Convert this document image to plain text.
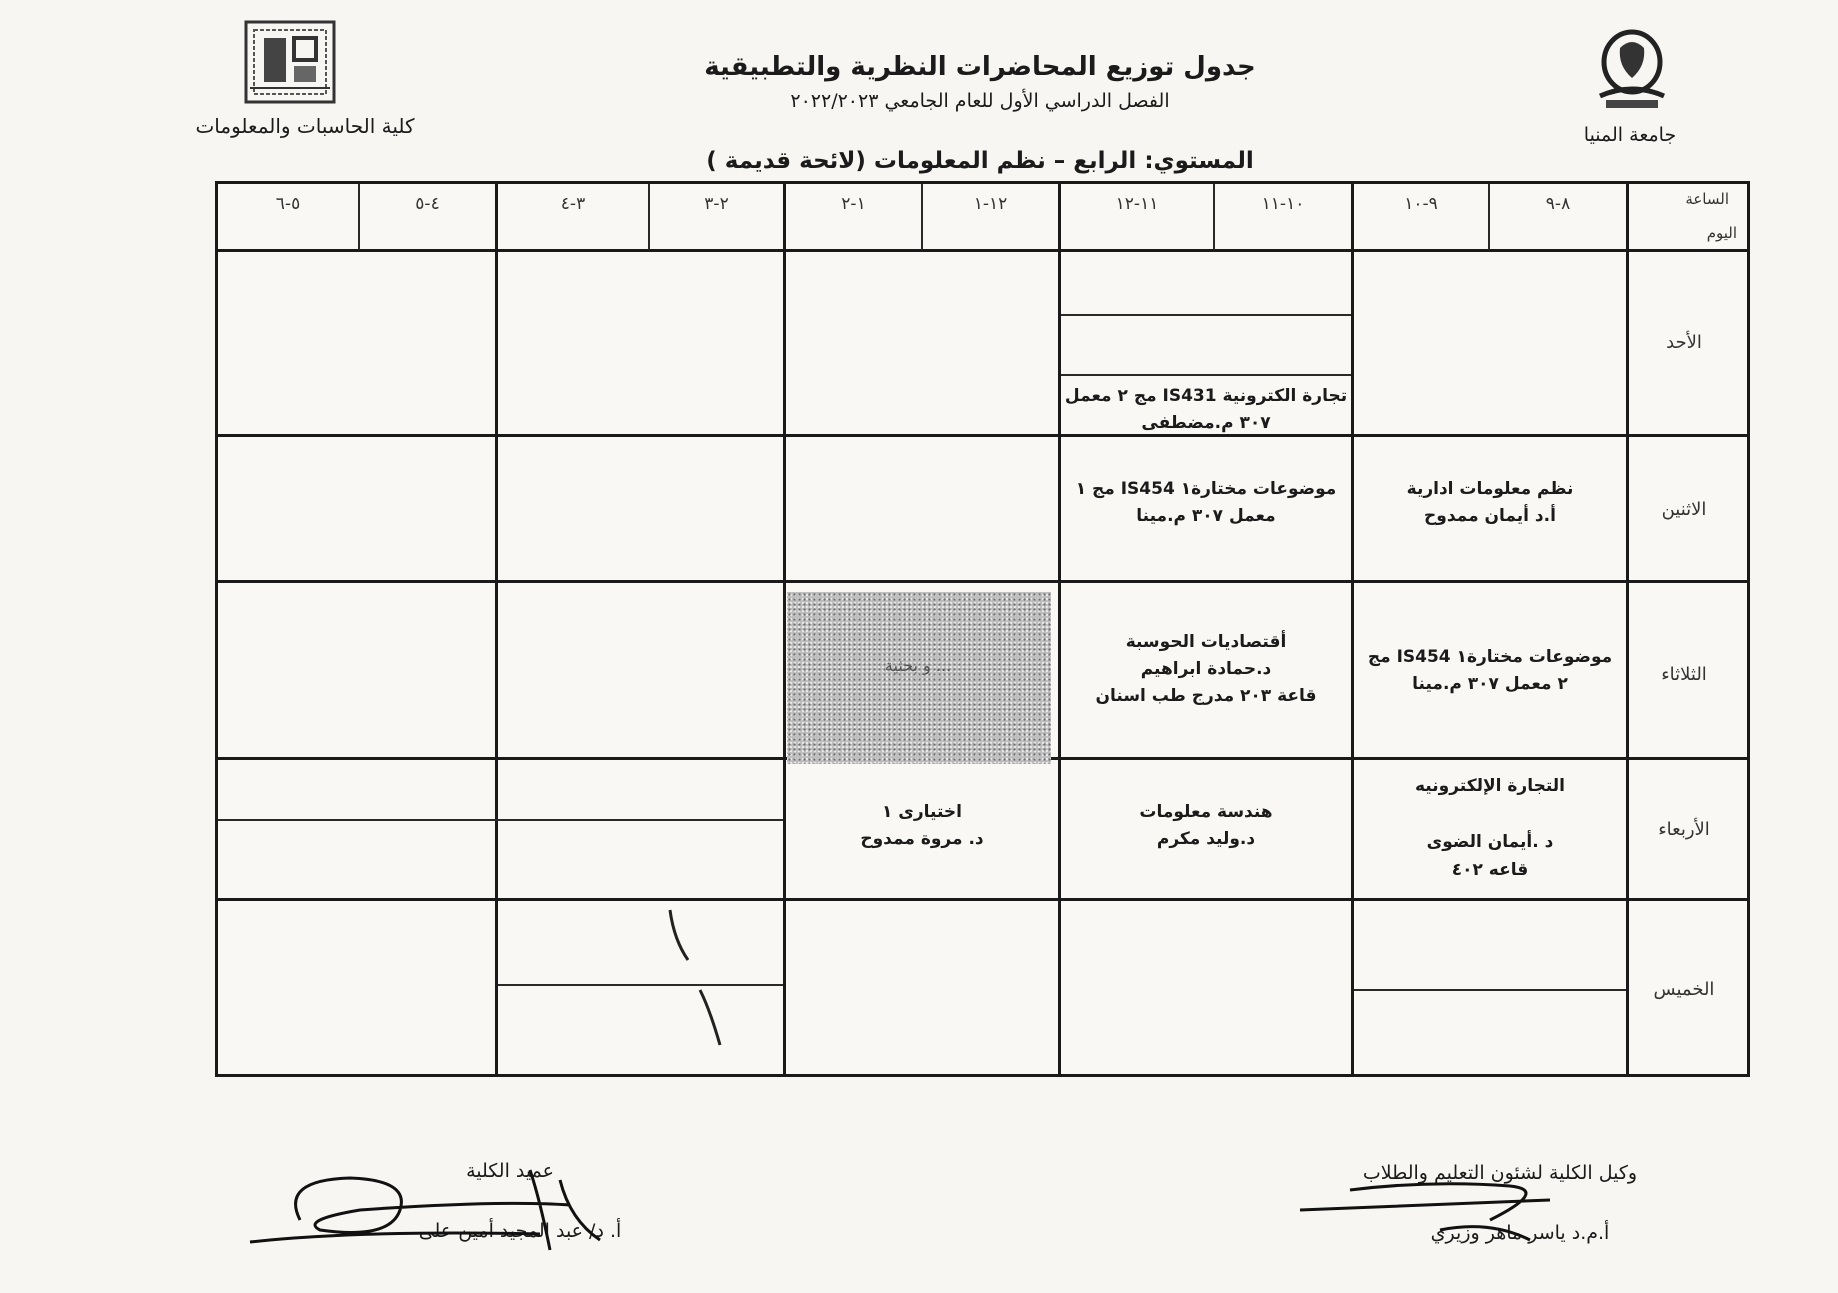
جدول توزيع المحاضرات النظرية والتطبيقية
الفصل الدراسي الأول للعام الجامعي ٢٠٢٢/٢٠٢٣
المستوي: الرابع – نظم المعلومات (لائحة قديمة )
كلية الحاسبات والمعلومات	جامعة المنيا
الساعة
اليوم
٨-٩
٩-١٠
١٠-١١
١١-١٢
١٢-١
١-٢
٢-٣
٣-٤
٤-٥
٥-٦
الأحد
الاثنين
الثلاثاء
الأربعاء
الخميس
... و بحثية
تجارة الكترونية IS431 مج ٢ معمل
٣٠٧ م.مضطفى
نظم معلومات ادارية
أ.د أيمان ممدوح
موضوعات مختارة١ IS454 مج ١
معمل ٣٠٧ م.مينا
موضوعات مختارة١ IS454 مج
٢ معمل ٣٠٧ م.مينا
أقتصاديات الحوسبة
د.حمادة ابراهيم
قاعة ٢٠٣ مدرج طب اسنان
التجارة الإلكترونيه
د .أيمان الضوى
قاعه ٤٠٢
هندسة معلومات
د.وليد مكرم
اختيارى ١
د. مروة ممدوح
عميد الكلية
أ. د/ عبد المجيد أمين على
وكيل الكلية لشئون التعليم والطلاب
أ.م.د ياسر ماهر وزيري
